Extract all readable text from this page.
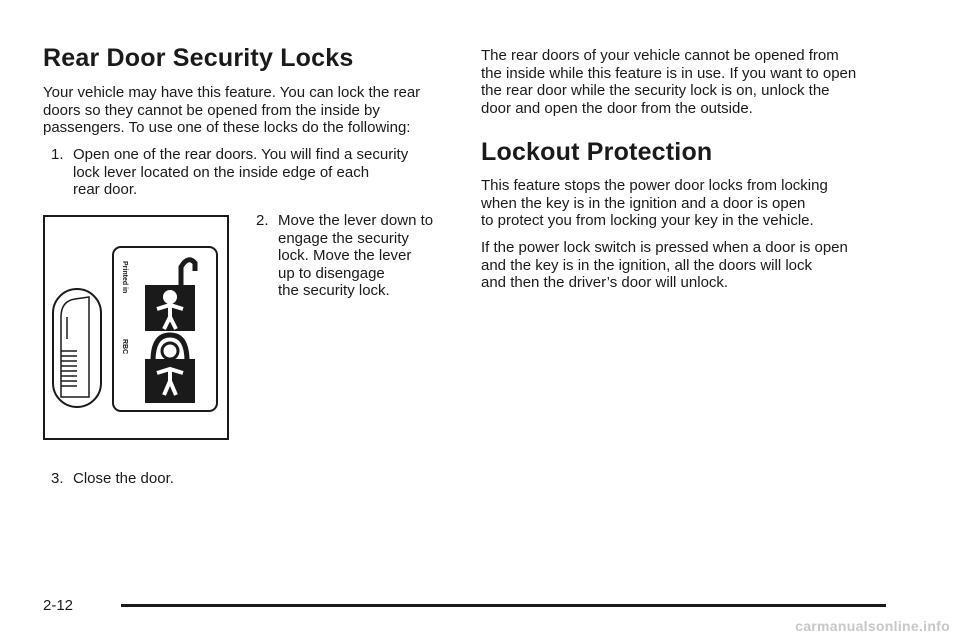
Rear Door Security Locks

Your vehicle may have this feature. You can lock the rear
doors so they cannot be opened from the inside by
passengers. To use one of these locks do the following:

1. Open one of the rear doors. You will find a security
lock lever located on the inside edge of each
rear door.
Printed in
RBC
2. Move the lever down to
engage the security
lock. Move the lever
up to disengage
the security lock.
3. Close the door.

The rear doors of your vehicle cannot be opened from
the inside while this feature is in use. If you want to open
the rear door while the security lock is on, unlock the
door and open the door from the outside.

Lockout Protection

This feature stops the power door locks from locking
when the key is in the ignition and a door is open
to protect you from locking your key in the vehicle.

If the power lock switch is pressed when a door is open
and the key is in the ignition, all the doors will lock
and then the driver’s door will unlock.

2-12
carmanualsonline.info
